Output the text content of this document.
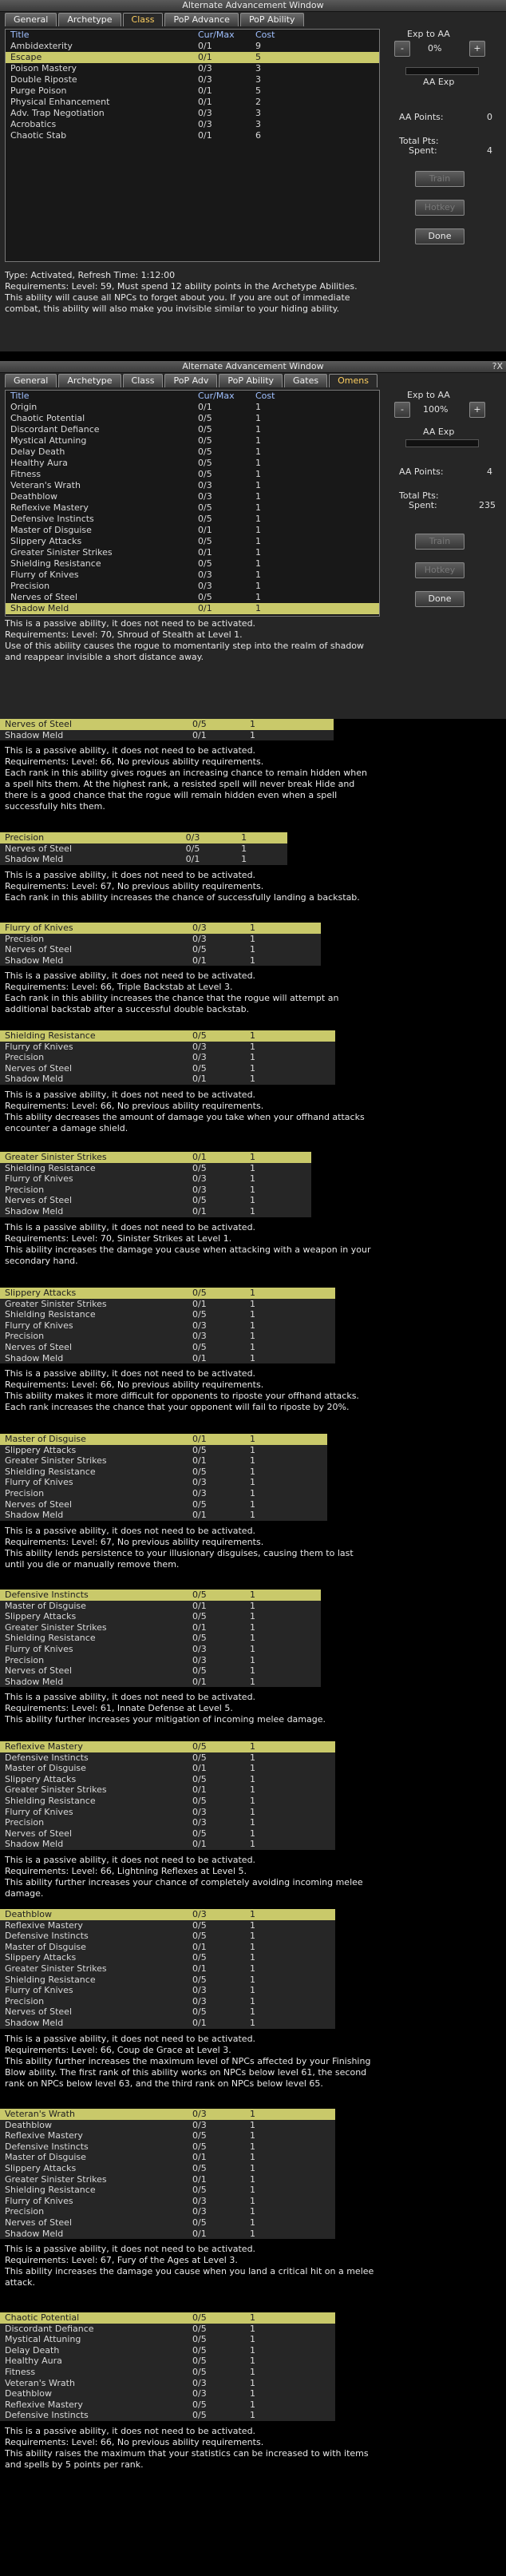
Alternate Advancement Window
General	Archetype	Class	PoP Advance	PoP Ability
Title	Cur/Max	Cost
Ambidexterity	0/1	9
Escape	0/1	5
Poison Mastery	0/3	3
Double Riposte	0/3	3
Purge Poison	0/1	5
Physical Enhancement	0/1	2
Adv. Trap Negotiation	0/3	3
Acrobatics	0/3	3
Chaotic Stab	0/1	6
Exp to AA
-	0%	+
AA Exp
AA Points:	0
Total Pts:
Spent:	4
Train
Hotkey
Done
Type: Activated, Refresh Time: 1:12:00
Requirements: Level: 59, Must spend 12 ability points in the Archetype Abilities.
This ability will cause all NPCs to forget about you. If you are out of immediate
combat, this ability will also make you invisible similar to your hiding ability.
Alternate Advancement Window	?X
General	Archetype	Class	PoP Adv	PoP Ability	Gates	Omens
Title	Cur/Max	Cost
Origin	0/1	1
Chaotic Potential	0/5	1
Discordant Defiance	0/5	1
Mystical Attuning	0/5	1
Delay Death	0/5	1
Healthy Aura	0/5	1
Fitness	0/5	1
Veteran's Wrath	0/3	1
Deathblow	0/3	1
Reflexive Mastery	0/5	1
Defensive Instincts	0/5	1
Master of Disguise	0/1	1
Slippery Attacks	0/5	1
Greater Sinister Strikes	0/1	1
Shielding Resistance	0/5	1
Flurry of Knives	0/3	1
Precision	0/3	1
Nerves of Steel	0/5	1
Shadow Meld	0/1	1
Exp to AA
-	100%	+
AA Exp
AA Points:	4
Total Pts:
Spent:	235
Train
Hotkey
Done
This is a passive ability, it does not need to be activated.
Requirements: Level: 70, Shroud of Stealth at Level 1.
Use of this ability causes the rogue to momentarily step into the realm of shadow
and reappear invisible a short distance away.
Nerves of Steel	0/5	1
Shadow Meld	0/1	1
This is a passive ability, it does not need to be activated.
Requirements: Level: 66, No previous ability requirements.
Each rank in this ability gives rogues an increasing chance to remain hidden when
a spell hits them. At the highest rank, a resisted spell will never break Hide and
there is a good chance that the rogue will remain hidden even when a spell
successfully hits them.
Precision	0/3	1
Nerves of Steel	0/5	1
Shadow Meld	0/1	1
This is a passive ability, it does not need to be activated.
Requirements: Level: 67, No previous ability requirements.
Each rank in this ability increases the chance of successfully landing a backstab.
Flurry of Knives	0/3	1
Precision	0/3	1
Nerves of Steel	0/5	1
Shadow Meld	0/1	1
This is a passive ability, it does not need to be activated.
Requirements: Level: 66, Triple Backstab at Level 3.
Each rank in this ability increases the chance that the rogue will attempt an
additional backstab after a successful double backstab.
Shielding Resistance	0/5	1
Flurry of Knives	0/3	1
Precision	0/3	1
Nerves of Steel	0/5	1
Shadow Meld	0/1	1
This is a passive ability, it does not need to be activated.
Requirements: Level: 66, No previous ability requirements.
This ability decreases the amount of damage you take when your offhand attacks
encounter a damage shield.
Greater Sinister Strikes	0/1	1
Shielding Resistance	0/5	1
Flurry of Knives	0/3	1
Precision	0/3	1
Nerves of Steel	0/5	1
Shadow Meld	0/1	1
This is a passive ability, it does not need to be activated.
Requirements: Level: 70, Sinister Strikes at Level 1.
This ability increases the damage you cause when attacking with a weapon in your
secondary hand.
Slippery Attacks	0/5	1
Greater Sinister Strikes	0/1	1
Shielding Resistance	0/5	1
Flurry of Knives	0/3	1
Precision	0/3	1
Nerves of Steel	0/5	1
Shadow Meld	0/1	1
This is a passive ability, it does not need to be activated.
Requirements: Level: 66, No previous ability requirements.
This ability makes it more difficult for opponents to riposte your offhand attacks.
Each rank increases the chance that your opponent will fail to riposte by 20%.
Master of Disguise	0/1	1
Slippery Attacks	0/5	1
Greater Sinister Strikes	0/1	1
Shielding Resistance	0/5	1
Flurry of Knives	0/3	1
Precision	0/3	1
Nerves of Steel	0/5	1
Shadow Meld	0/1	1
This is a passive ability, it does not need to be activated.
Requirements: Level: 67, No previous ability requirements.
This ability lends persistence to your illusionary disguises, causing them to last
until you die or manually remove them.
Defensive Instincts	0/5	1
Master of Disguise	0/1	1
Slippery Attacks	0/5	1
Greater Sinister Strikes	0/1	1
Shielding Resistance	0/5	1
Flurry of Knives	0/3	1
Precision	0/3	1
Nerves of Steel	0/5	1
Shadow Meld	0/1	1
This is a passive ability, it does not need to be activated.
Requirements: Level: 61, Innate Defense at Level 5.
This ability further increases your mitigation of incoming melee damage.
Reflexive Mastery	0/5	1
Defensive Instincts	0/5	1
Master of Disguise	0/1	1
Slippery Attacks	0/5	1
Greater Sinister Strikes	0/1	1
Shielding Resistance	0/5	1
Flurry of Knives	0/3	1
Precision	0/3	1
Nerves of Steel	0/5	1
Shadow Meld	0/1	1
This is a passive ability, it does not need to be activated.
Requirements: Level: 66, Lightning Reflexes at Level 5.
This ability further increases your chance of completely avoiding incoming melee
damage.
Deathblow	0/3	1
Reflexive Mastery	0/5	1
Defensive Instincts	0/5	1
Master of Disguise	0/1	1
Slippery Attacks	0/5	1
Greater Sinister Strikes	0/1	1
Shielding Resistance	0/5	1
Flurry of Knives	0/3	1
Precision	0/3	1
Nerves of Steel	0/5	1
Shadow Meld	0/1	1
This is a passive ability, it does not need to be activated.
Requirements: Level: 66, Coup de Grace at Level 3.
This ability further increases the maximum level of NPCs affected by your Finishing
Blow ability. The first rank of this ability works on NPCs below level 61, the second
rank on NPCs below level 63, and the third rank on NPCs below level 65.
Veteran's Wrath	0/3	1
Deathblow	0/3	1
Reflexive Mastery	0/5	1
Defensive Instincts	0/5	1
Master of Disguise	0/1	1
Slippery Attacks	0/5	1
Greater Sinister Strikes	0/1	1
Shielding Resistance	0/5	1
Flurry of Knives	0/3	1
Precision	0/3	1
Nerves of Steel	0/5	1
Shadow Meld	0/1	1
This is a passive ability, it does not need to be activated.
Requirements: Level: 67, Fury of the Ages at Level 3.
This ability increases the damage you cause when you land a critical hit on a melee
attack.
Chaotic Potential	0/5	1
Discordant Defiance	0/5	1
Mystical Attuning	0/5	1
Delay Death	0/5	1
Healthy Aura	0/5	1
Fitness	0/5	1
Veteran's Wrath	0/3	1
Deathblow	0/3	1
Reflexive Mastery	0/5	1
Defensive Instincts	0/5	1
This is a passive ability, it does not need to be activated.
Requirements: Level: 66, No previous ability requirements.
This ability raises the maximum that your statistics can be increased to with items
and spells by 5 points per rank.
